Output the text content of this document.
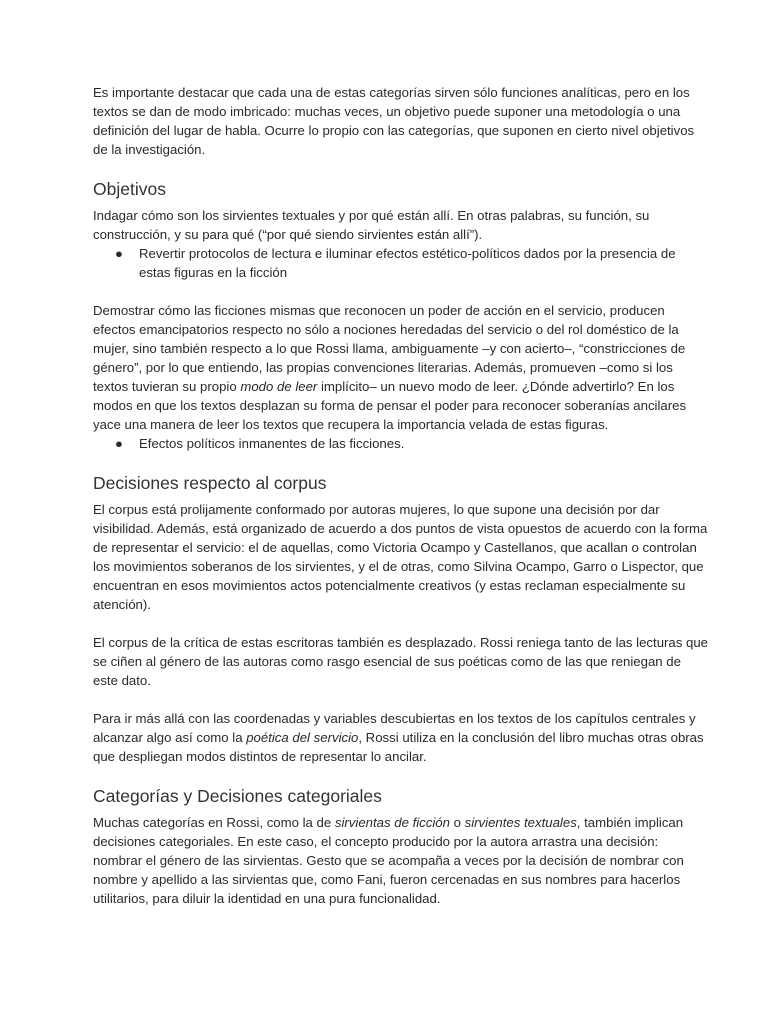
Es importante destacar que cada una de estas categorías sirven sólo funciones analíticas, pero en los textos se dan de modo imbricado: muchas veces, un objetivo puede suponer una metodología o una definición del lugar de habla. Ocurre lo propio con las categorías, que suponen en cierto nivel objetivos de la investigación.

Objetivos

Indagar cómo son los sirvientes textuales y por qué están allí. En otras palabras, su función, su construcción, y su para qué (“por qué siendo sirvientes están allí”).

● Revertir protocolos de lectura e iluminar efectos estético-políticos dados por la presencia de estas figuras en la ficción

Demostrar cómo las ficciones mismas que reconocen un poder de acción en el servicio, producen efectos emancipatorios respecto no sólo a nociones heredadas del servicio o del rol doméstico de la mujer, sino también respecto a lo que Rossi llama, ambiguamente –y con acierto–, “constricciones de género”, por lo que entiendo, las propias convenciones literarias. Además, promueven –como si los textos tuvieran su propio modo de leer implícito– un nuevo modo de leer. ¿Dónde advertirlo? En los modos en que los textos desplazan su forma de pensar el poder para reconocer soberanías ancilares yace una manera de leer los textos que recupera la importancia velada de estas figuras.

● Efectos políticos inmanentes de las ficciones.
Decisiones respecto al corpus

El corpus está prolijamente conformado por autoras mujeres, lo que supone una decisión por dar visibilidad. Además, está organizado de acuerdo a dos puntos de vista opuestos de acuerdo con la forma de representar el servicio: el de aquellas, como Victoria Ocampo y Castellanos, que acallan o controlan los movimientos soberanos de los sirvientes, y el de otras, como Silvina Ocampo, Garro o Lispector, que encuentran en esos movimientos actos potencialmente creativos (y estas reclaman especialmente su atención).

El corpus de la crítica de estas escritoras también es desplazado. Rossi reniega tanto de las lecturas que se ciñen al género de las autoras como rasgo esencial de sus poéticas como de las que reniegan de este dato.

Para ir más allá con las coordenadas y variables descubiertas en los textos de los capítulos centrales y alcanzar algo así como la poética del servicio, Rossi utiliza en la conclusión del libro muchas otras obras que despliegan modos distintos de representar lo ancilar.

Categorías y Decisiones categoriales

Muchas categorías en Rossi, como la de sirvientas de ficción o sirvientes textuales, también implican decisiones categoriales. En este caso, el concepto producido por la autora arrastra una decisión: nombrar el género de las sirvientas. Gesto que se acompaña a veces por la decisión de nombrar con nombre y apellido a las sirvientas que, como Fani, fueron cercenadas en sus nombres para hacerlos utilitarios, para diluir la identidad en una pura funcionalidad.
